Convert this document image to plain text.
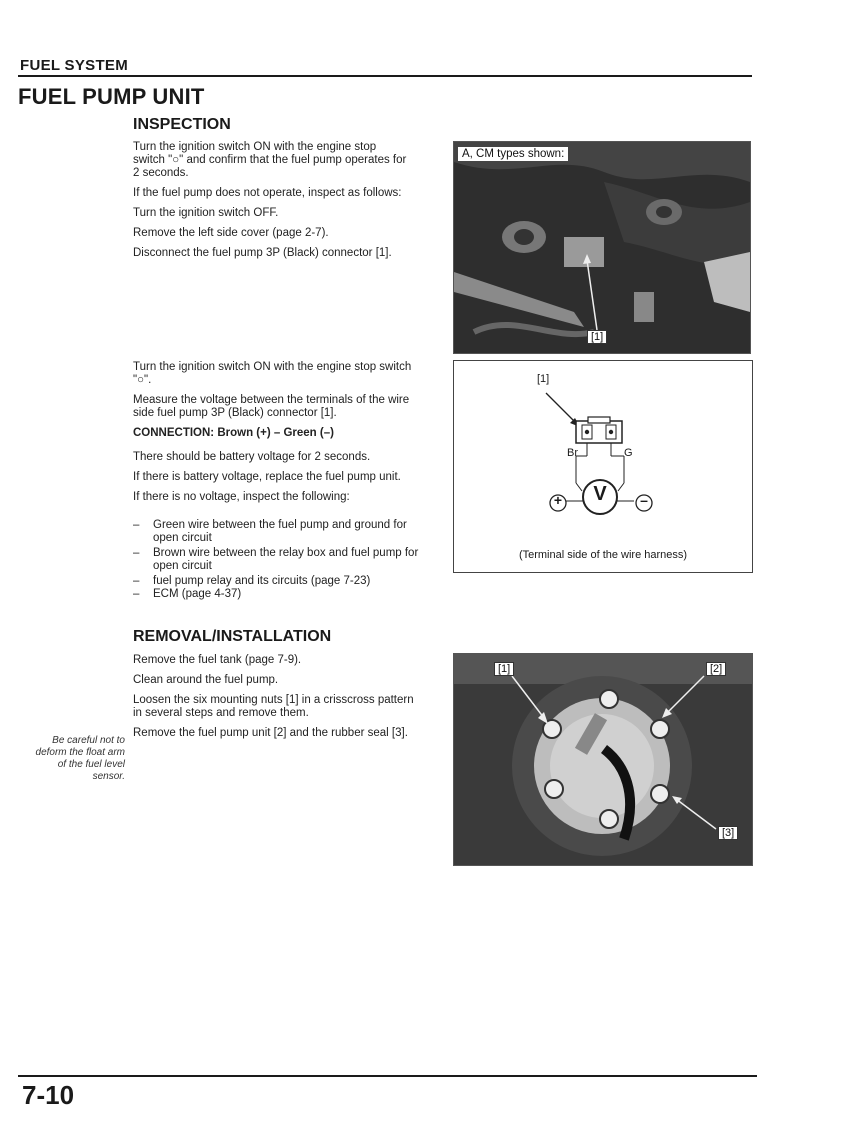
FUEL SYSTEM
FUEL PUMP UNIT
INSPECTION
Turn the ignition switch ON with the engine stop
switch "○" and confirm that the fuel pump operates for
2 seconds.
If the fuel pump does not operate, inspect as follows:
Turn the ignition switch OFF.
Remove the left side cover (page 2-7).
Disconnect the fuel pump 3P (Black) connector [1].
A, CM types shown:
[1]
Turn the ignition switch ON with the engine stop switch
"○".
Measure the voltage between the terminals of the wire
side fuel pump 3P (Black) connector [1].
CONNECTION: Brown (+) – Green (–)
There should be battery voltage for 2 seconds.
If there is battery voltage, replace the fuel pump unit.
If there is no voltage, inspect the following:
– Green wire between the fuel pump and ground for
open circuit
– Brown wire between the relay box and fuel pump for
open circuit
– fuel pump relay and its circuits (page 7-23)
– ECM (page 4-37)
[1]
Br	G
V
+	–
(Terminal side of the wire harness)
REMOVAL/INSTALLATION
Remove the fuel tank (page 7-9).
Clean around the fuel pump.
Loosen the six mounting nuts [1] in a crisscross pattern
in several steps and remove them.
Remove the fuel pump unit [2] and the rubber seal [3].
Be careful not to
deform the float arm
of the fuel level
sensor.
[1]	[2]
[3]
7-10
